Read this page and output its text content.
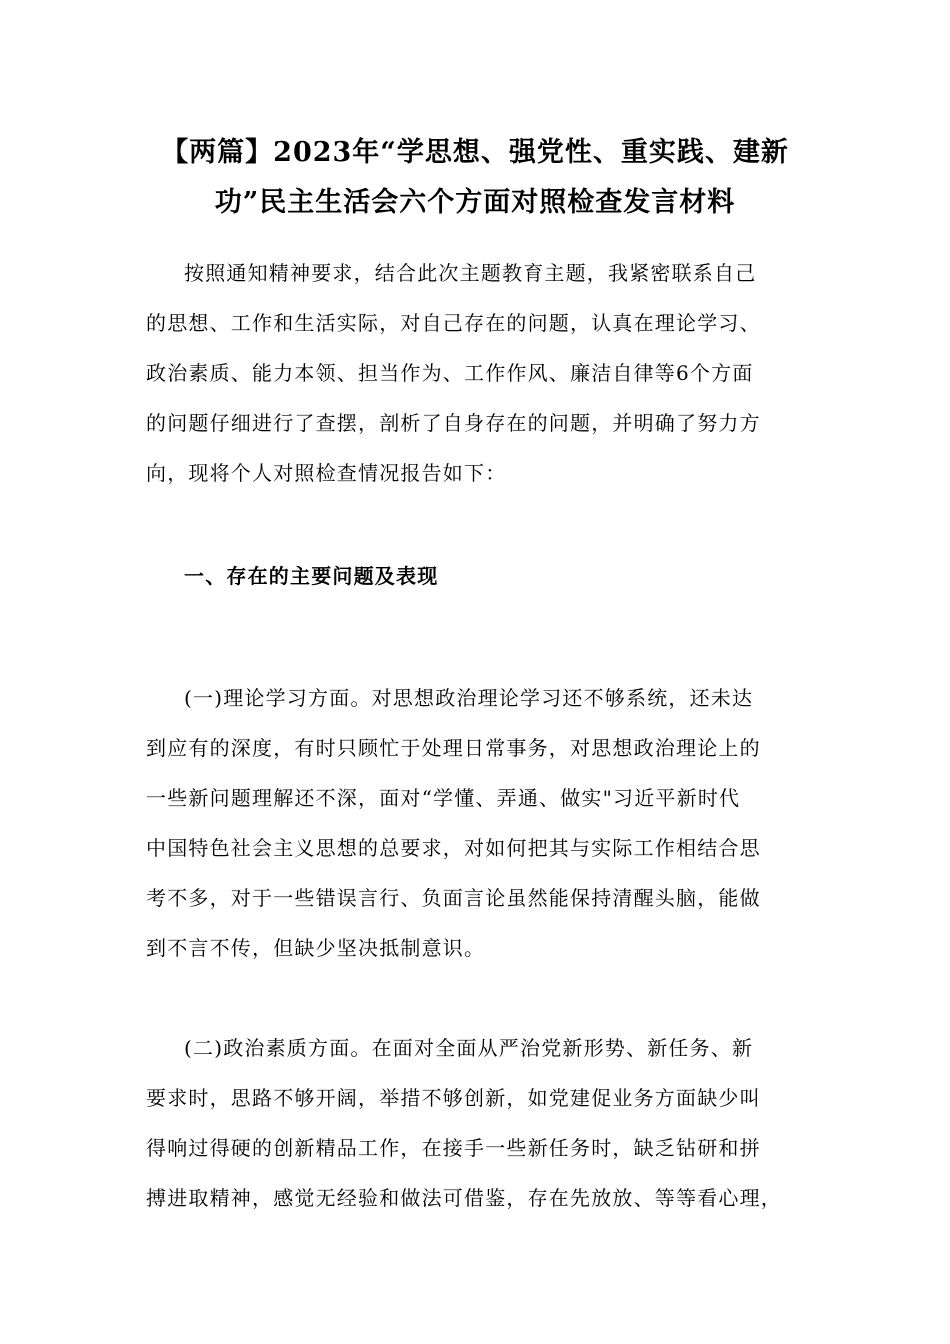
【两篇】2023年“学思想、强党性、重实践、建新
功”民主生活会六个方面对照检查发言材料
按照通知精神要求，结合此次主题教育主题，我紧密联系自己
的思想、工作和生活实际，对自己存在的问题，认真在理论学习、
政治素质、能力本领、担当作为、工作作风、廉洁自律等6个方面
的问题仔细进行了查摆，剖析了自身存在的问题，并明确了努力方
向，现将个人对照检查情况报告如下：
一、存在的主要问题及表现
(一)理论学习方面。对思想政治理论学习还不够系统，还未达
到应有的深度，有时只顾忙于处理日常事务，对思想政治理论上的
一些新问题理解还不深，面对“学懂、弄通、做实"习近平新时代
中国特色社会主义思想的总要求，对如何把其与实际工作相结合思
考不多，对于一些错误言行、负面言论虽然能保持清醒头脑，能做
到不言不传，但缺少坚决抵制意识。
(二)政治素质方面。在面对全面从严治党新形势、新任务、新
要求时，思路不够开阔，举措不够创新，如党建促业务方面缺少叫
得响过得硬的创新精品工作，在接手一些新任务时，缺乏钻研和拼
搏进取精神，感觉无经验和做法可借鉴，存在先放放、等等看心理，
